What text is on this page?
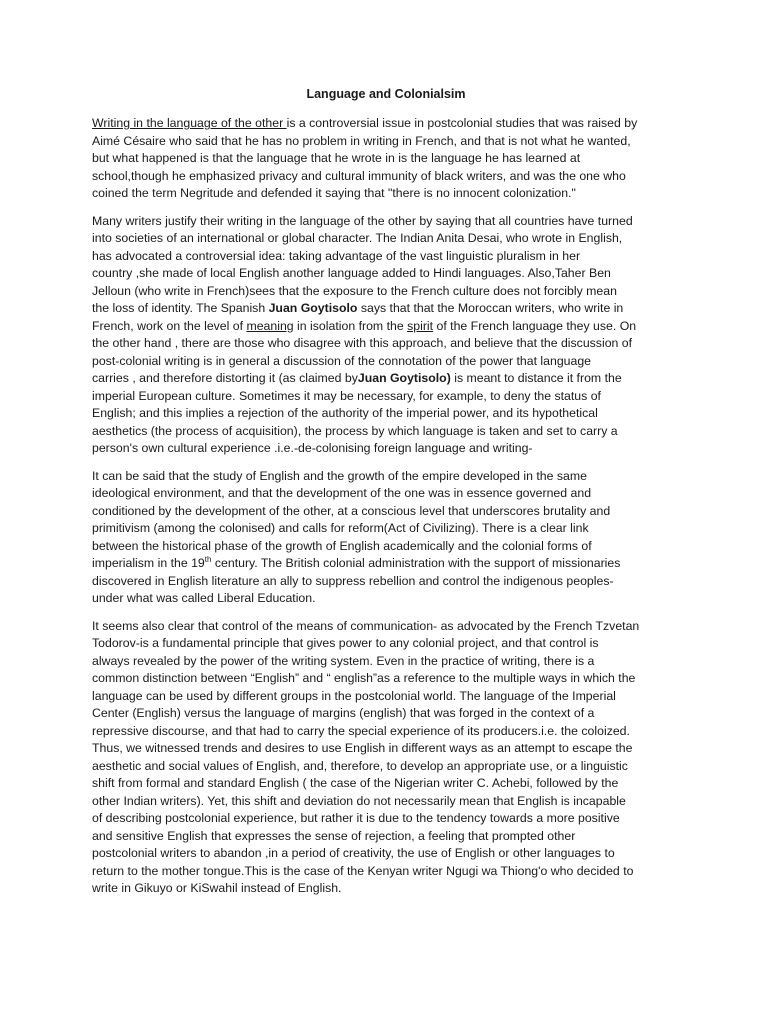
Language and Colonialsim
Writing in the language of the other is a controversial issue in postcolonial studies that was raised by
Aimé Césaire who said that he has no problem in writing in French, and that is not what he wanted,
but what happened is that the language that he wrote in is the language he has learned at
school,though he emphasized privacy and cultural immunity of black writers, and was the one who
coined the term Negritude and defended it saying that "there is no innocent colonization."
Many writers justify their writing in the language of the other by saying that all countries have turned
into societies of an international or global character. The Indian Anita Desai, who wrote in English,
has advocated a controversial idea: taking advantage of the vast linguistic pluralism in her
country ,she made of local English another language added to Hindi languages. Also,Taher Ben
Jelloun (who write in French)sees that the exposure to the French culture does not forcibly mean
the loss of identity. The Spanish Juan Goytisolo says that that the Moroccan writers, who write in
French, work on the level of meaning in isolation from the spirit of the French language they use. On
the other hand , there are those who disagree with this approach, and believe that the discussion of
post-colonial writing is in general a discussion of the connotation of the power that language
carries , and therefore distorting it (as claimed byJuan Goytisolo) is meant to distance it from the
imperial European culture. Sometimes it may be necessary, for example, to deny the status of
English; and this implies a rejection of the authority of the imperial power, and its hypothetical
aesthetics (the process of acquisition), the process by which language is taken and set to carry a
person's own cultural experience .i.e.-de-colonising foreign language and writing-
It can be said that the study of English and the growth of the empire developed in the same
ideological environment, and that the development of the one was in essence governed and
conditioned by the development of the other, at a conscious level that underscores brutality and
primitivism (among the colonised) and calls for reform(Act of Civilizing). There is a clear link
between the historical phase of the growth of English academically and the colonial forms of
imperialism in the 19th century. The British colonial administration with the support of missionaries
discovered in English literature an ally to suppress rebellion and control the indigenous peoples-
under what was called Liberal Education.
It seems also clear that control of the means of communication- as advocated by the French Tzvetan
Todorov-is a fundamental principle that gives power to any colonial project, and that control is
always revealed by the power of the writing system. Even in the practice of writing, there is a
common distinction between “English” and “ english”as a reference to the multiple ways in which the
language can be used by different groups in the postcolonial world. The language of the Imperial
Center (English) versus the language of margins (english) that was forged in the context of a
repressive discourse, and that had to carry the special experience of its producers.i.e. the coloized.
Thus, we witnessed trends and desires to use English in different ways as an attempt to escape the
aesthetic and social values of English, and, therefore, to develop an appropriate use, or a linguistic
shift from formal and standard English ( the case of the Nigerian writer C. Achebi, followed by the
other Indian writers). Yet, this shift and deviation do not necessarily mean that English is incapable
of describing postcolonial experience, but rather it is due to the tendency towards a more positive
and sensitive English that expresses the sense of rejection, a feeling that prompted other
postcolonial writers to abandon ,in a period of creativity, the use of English or other languages to
return to the mother tongue.This is the case of the Kenyan writer Ngugi wa Thiong'o who decided to
write in Gikuyo or KiSwahil instead of English.
